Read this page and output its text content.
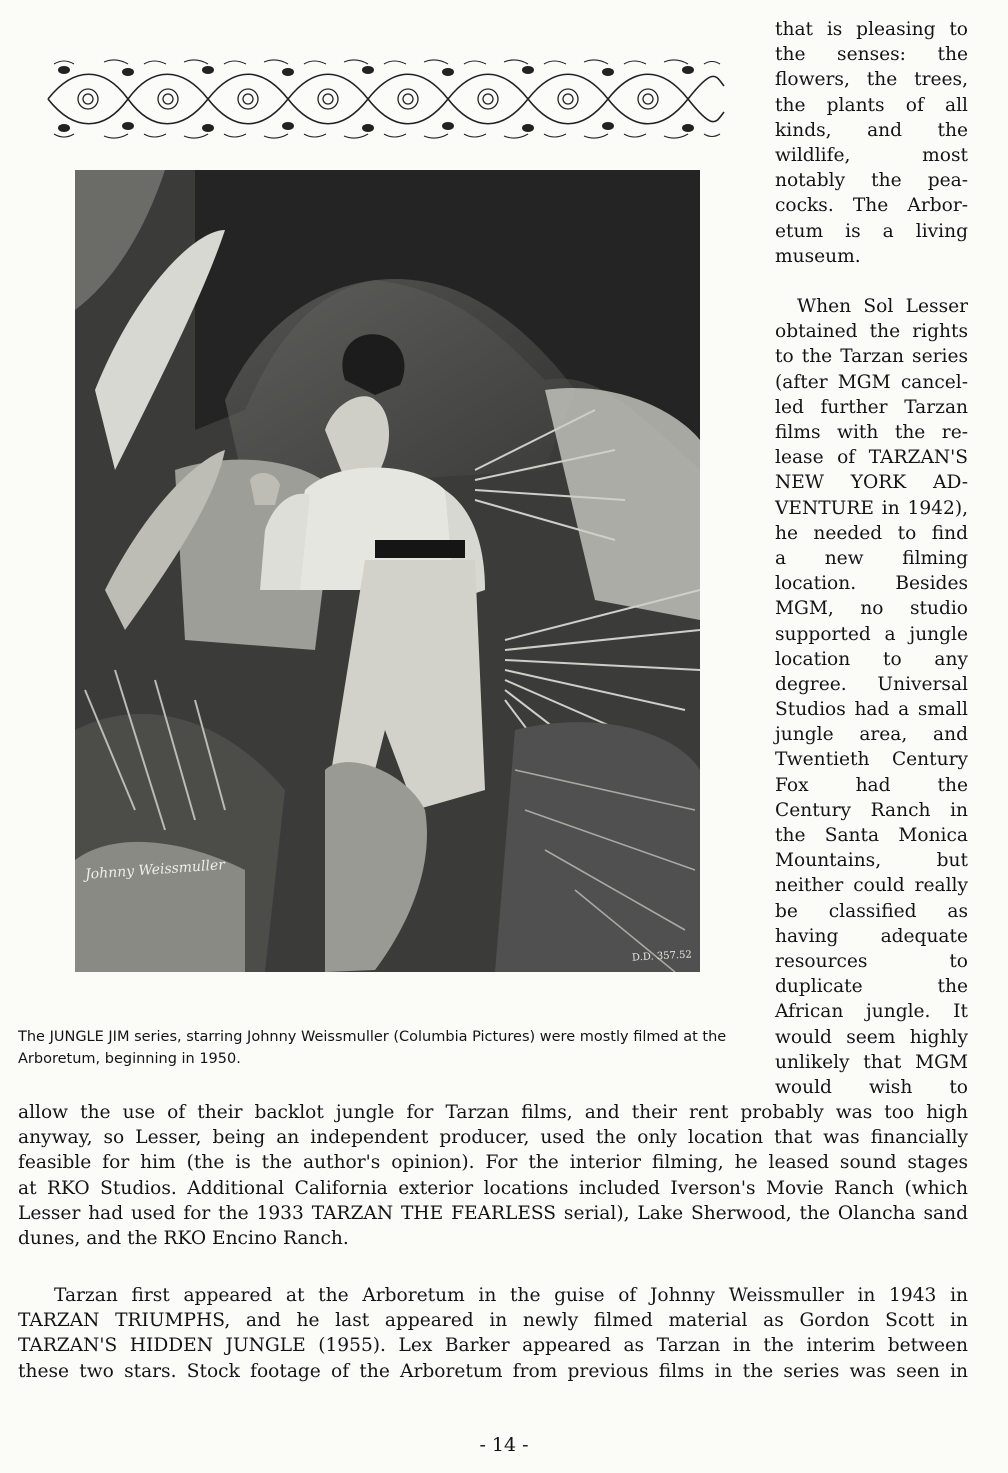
Johnny Weissmuller
D.D. 357.52

The JUNGLE JIM series, starring Johnny Weissmuller (Columbia Pictures) were mostly filmed at the Arboretum, beginning in 1950.

that is pleasing to
the senses: the
flowers, the trees,
the plants of all
kinds, and the
wildlife, most
notably the pea-
cocks. The Arbor-
etum is a living
museum.
When Sol Lesser
obtained the rights
to the Tarzan series
(after MGM cancel-
led further Tarzan
films with the re-
lease of TARZAN'S
NEW YORK AD-
VENTURE in 1942),
he needed to find
a new filming
location. Besides
MGM, no studio
supported a jungle
location to any
degree. Universal
Studios had a small
jungle area, and
Twentieth Century
Fox had the
Century Ranch in
the Santa Monica
Mountains, but
neither could really
be classified as
having adequate
resources to
duplicate the
African jungle. It
would seem highly
unlikely that MGM
would wish to
allow the use of their backlot jungle for Tarzan films, and their rent probably was too high
anyway, so Lesser, being an independent producer, used the only location that was financially
feasible for him (the is the author's opinion). For the interior filming, he leased sound stages
at RKO Studios. Additional California exterior locations included Iverson's Movie Ranch (which
Lesser had used for the 1933 TARZAN THE FEARLESS serial), Lake Sherwood, the Olancha sand
dunes, and the RKO Encino Ranch.
Tarzan first appeared at the Arboretum in the guise of Johnny Weissmuller in 1943 in
TARZAN TRIUMPHS, and he last appeared in newly filmed material as Gordon Scott in
TARZAN'S HIDDEN JUNGLE (1955). Lex Barker appeared as Tarzan in the interim between
these two stars. Stock footage of the Arboretum from previous films in the series was seen in
- 14 -
